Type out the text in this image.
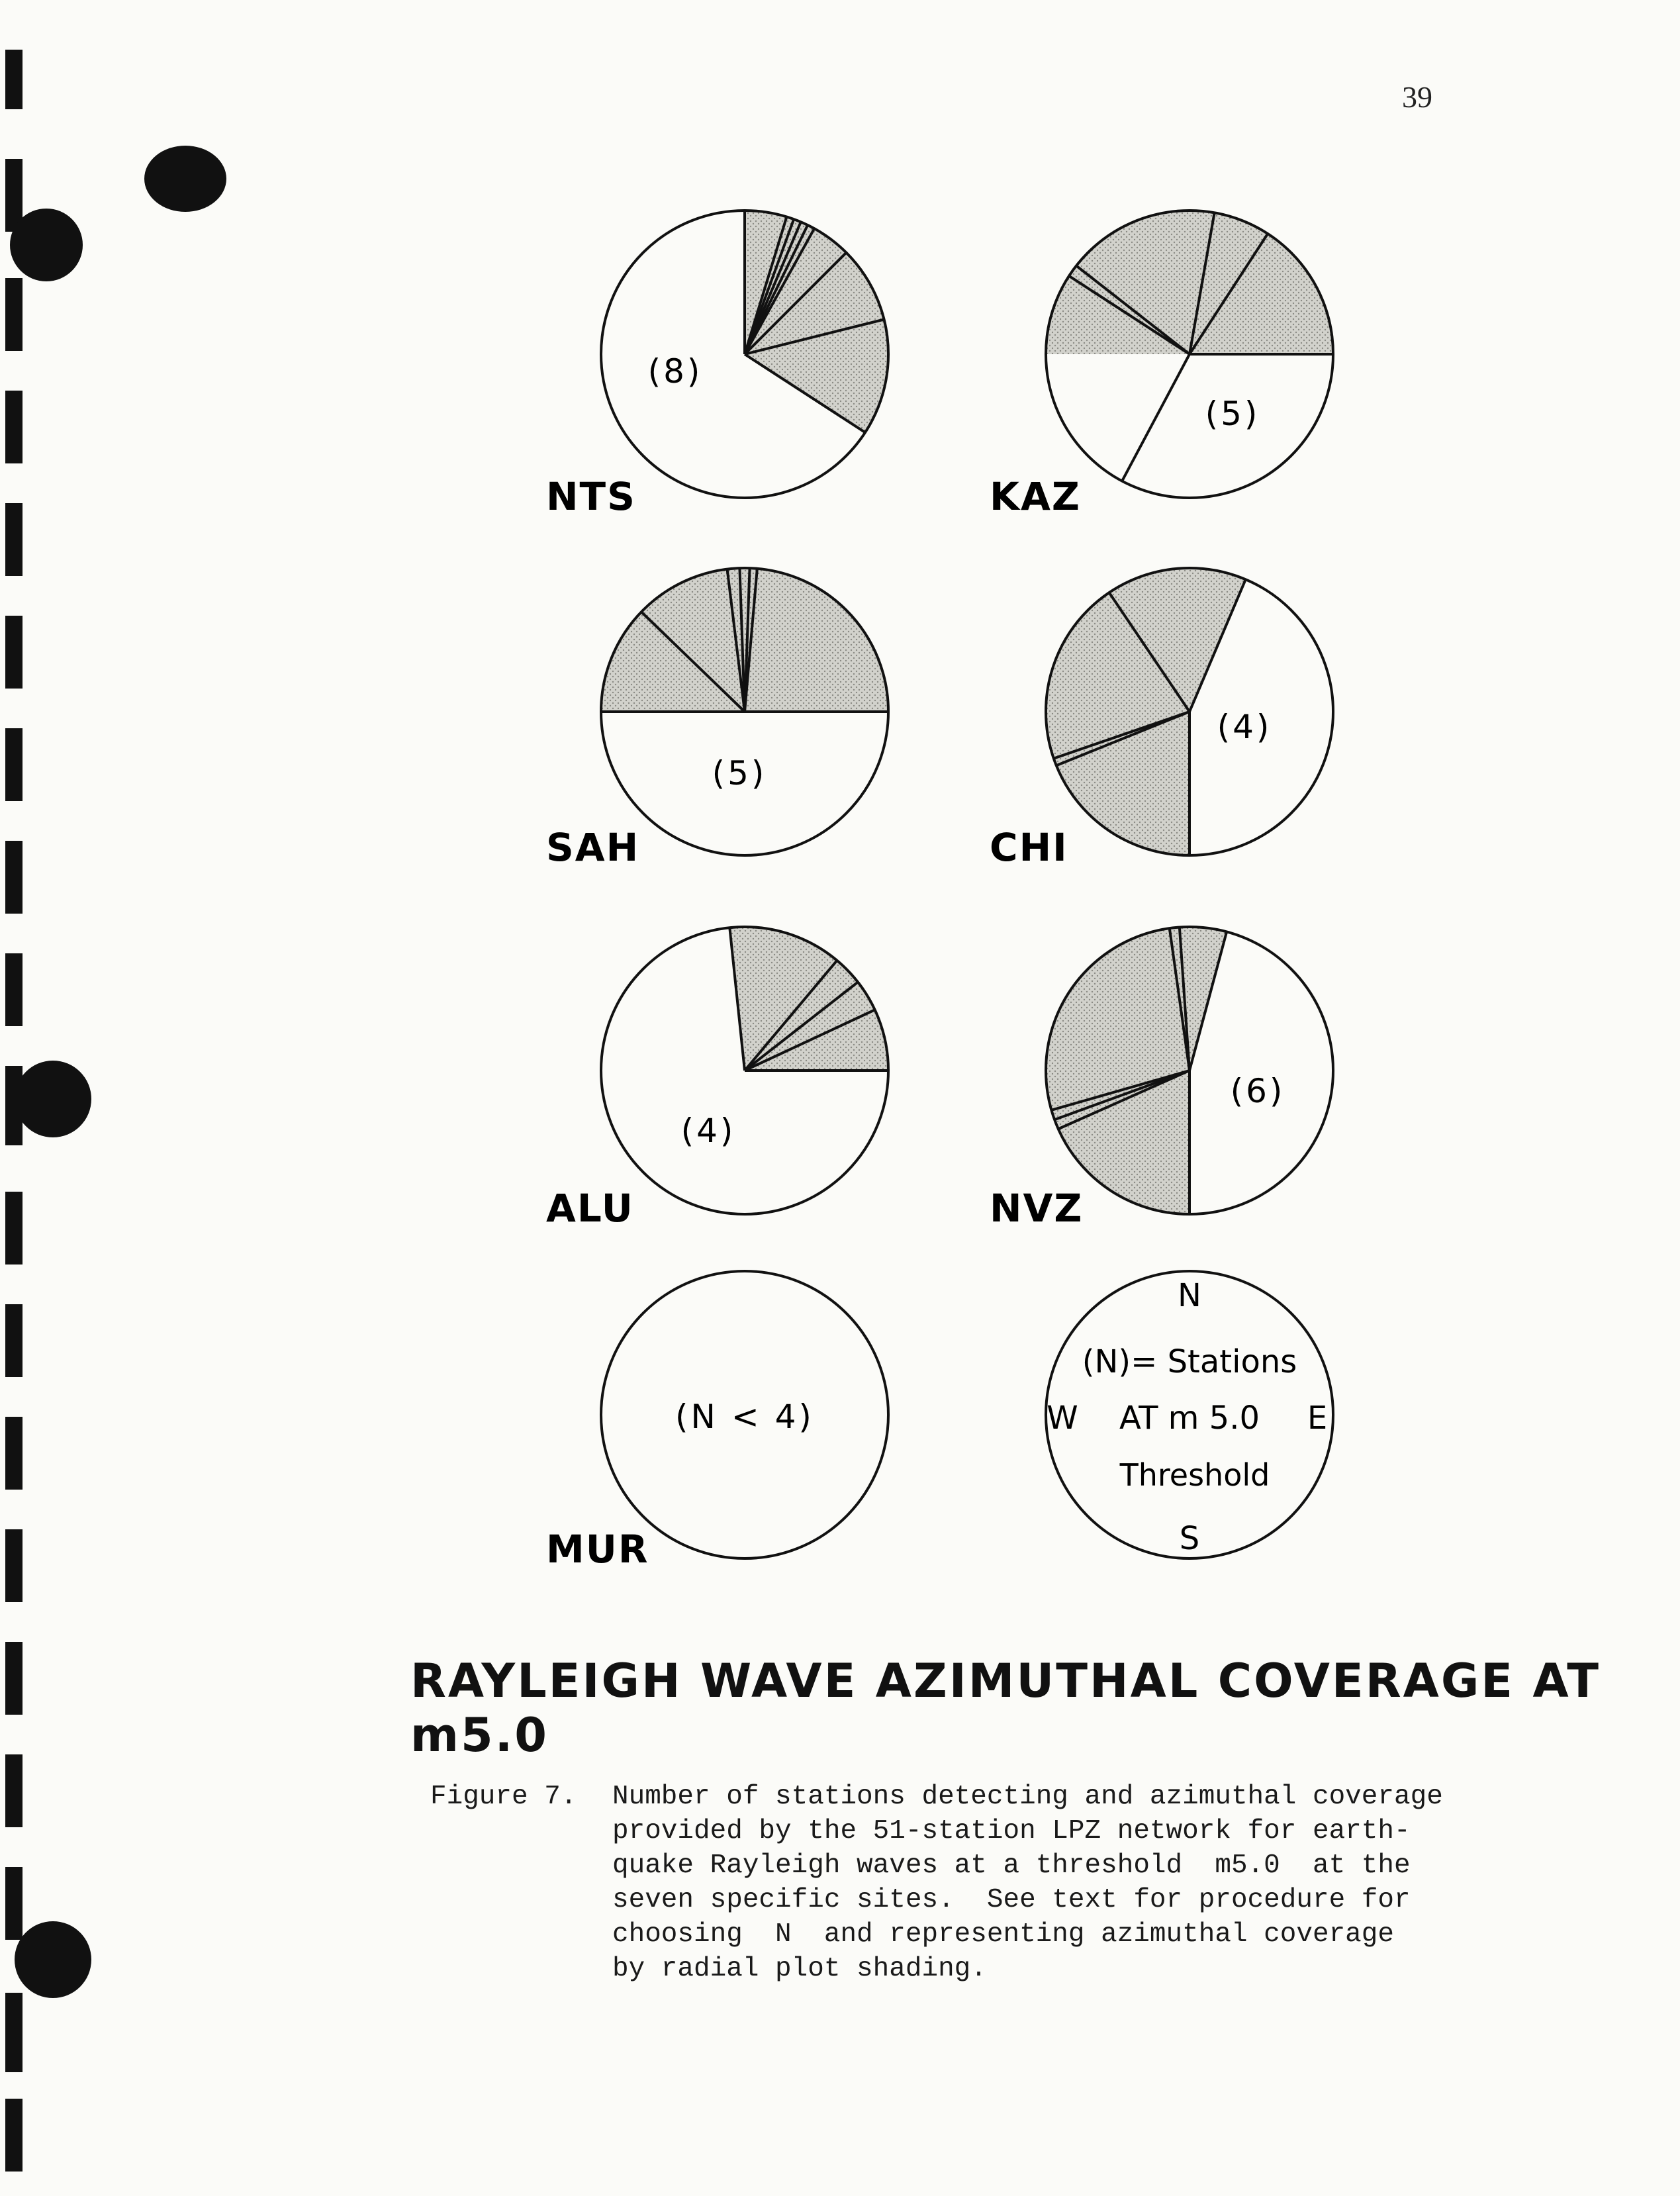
39
(8)
NTS
(5)
KAZ
(5)
SAH
(4)
CHI
(4)
ALU
(6)
NVZ
(N < 4)
MUR
N
(N)= Stations
W AT m 5.0 E
Threshold
S
RAYLEIGH WAVE AZIMUTHAL COVERAGE AT m5.0
Figure 7. Number of stations detecting and azimuthal coverage
provided by the 51-station LPZ network for earth-
quake Rayleigh waves at a threshold  m5.0  at the
seven specific sites.  See text for procedure for
choosing  N  and representing azimuthal coverage
by radial plot shading.
